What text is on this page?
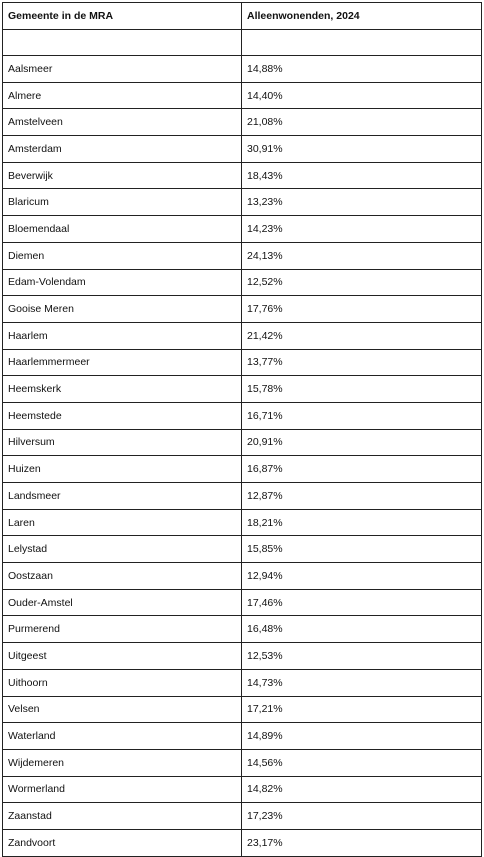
Gemeente in de MRA	Alleenwonenden, 2024

Aalsmeer	14,88%
Almere	14,40%
Amstelveen	21,08%
Amsterdam	30,91%
Beverwijk	18,43%
Blaricum	13,23%
Bloemendaal	14,23%
Diemen	24,13%
Edam-Volendam	12,52%
Gooise Meren	17,76%
Haarlem	21,42%
Haarlemmermeer	13,77%
Heemskerk	15,78%
Heemstede	16,71%
Hilversum	20,91%
Huizen	16,87%
Landsmeer	12,87%
Laren	18,21%
Lelystad	15,85%
Oostzaan	12,94%
Ouder-Amstel	17,46%
Purmerend	16,48%
Uitgeest	12,53%
Uithoorn	14,73%
Velsen	17,21%
Waterland	14,89%
Wijdemeren	14,56%
Wormerland	14,82%
Zaanstad	17,23%
Zandvoort	23,17%
